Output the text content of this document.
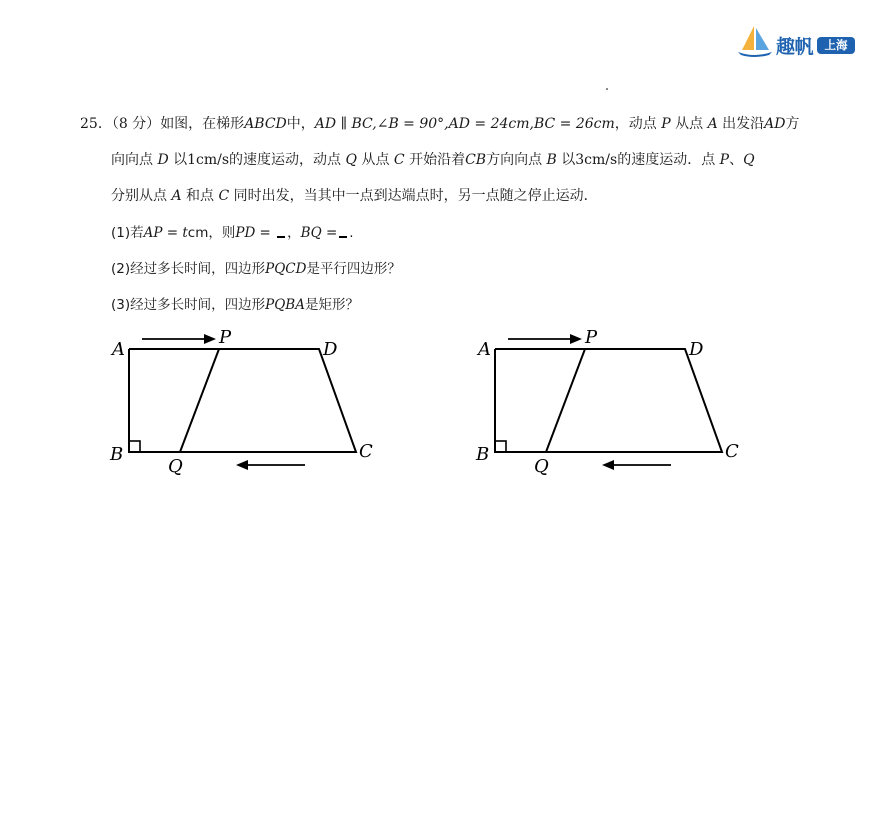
趣帆 上海
25．（8 分）如图，在梯形ABCD中，AD ∥ BC,∠B = 90°,AD = 24cm,BC = 26cm，动点 P 从点 A 出发沿AD方
向向点 D 以1cm/s的速度运动，动点 Q 从点 C 开始沿着CB方向向点 B 以3cm/s的速度运动．点 P、Q
分别从点 A 和点 C 同时出发，当其中一点到达端点时，另一点随之停止运动．
(1)若AP = tcm，则PD = ，BQ = .
(2)经过多长时间，四边形PQCD是平行四边形？
(3)经过多长时间，四边形PQBA是矩形？
A
P
D
B
Q
C
A
P
D
B
Q
C
